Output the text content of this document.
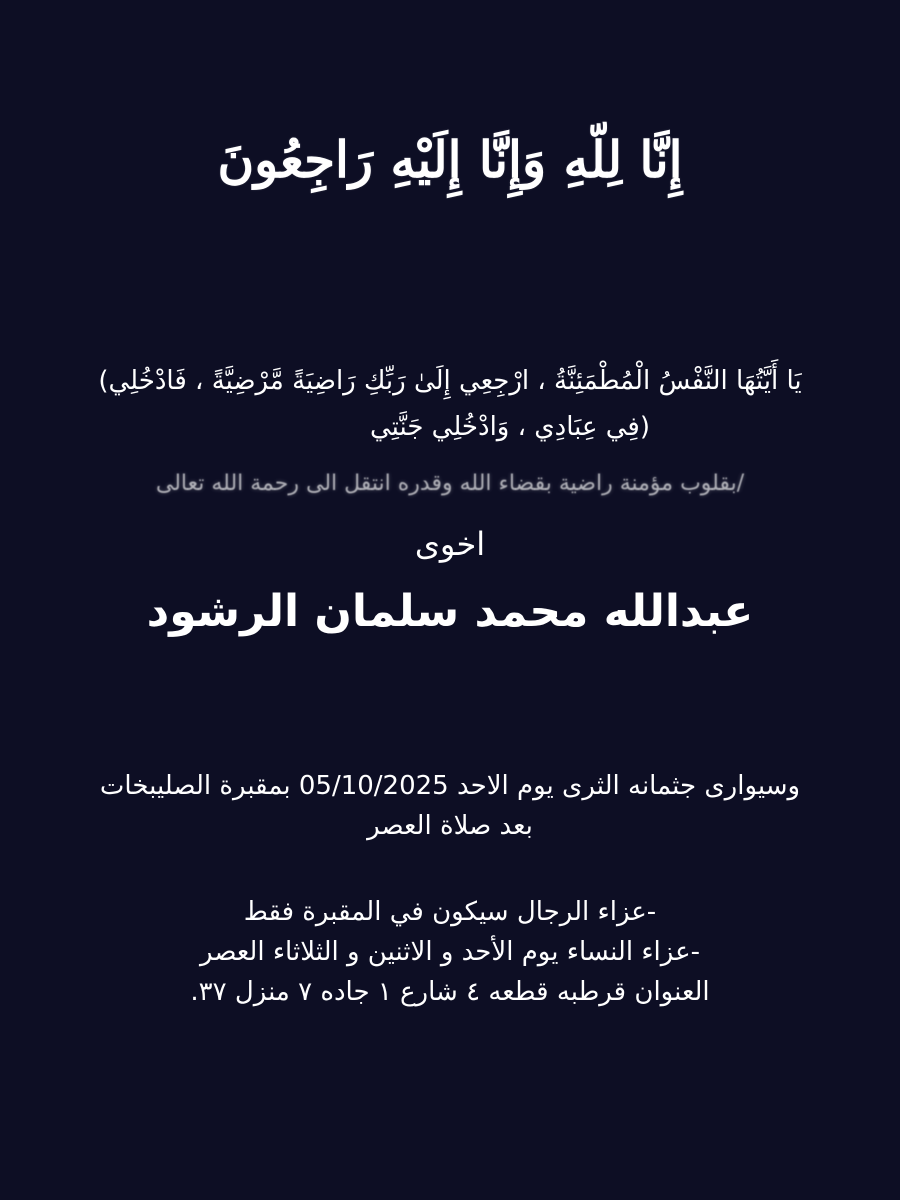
إِنَّا لِلّهِ وَإِنَّا إِلَيْهِ رَاجِعُونَ
يَا أَيَّتُهَا النَّفْسُ الْمُطْمَئِنَّةُ ، ارْجِعِي إِلَىٰ رَبِّكِ رَاضِيَةً مَّرْضِيَّةً ، فَادْخُلِي)
(فِي عِبَادِي ، وَادْخُلِي جَنَّتِي
/بقلوب مؤمنة راضية بقضاء الله وقدره انتقل الى رحمة الله تعالى
اخوى
عبدالله محمد سلمان الرشود
وسيوارى جثمانه الثرى يوم الاحد 05/10/2025 بمقبرة الصليبخات
بعد صلاة العصر
-عزاء الرجال سيكون في المقبرة فقط
-عزاء النساء يوم الأحد و الاثنين و الثلاثاء العصر
العنوان قرطبه قطعه ٤ شارع ١ جاده ٧ منزل ٣٧.
